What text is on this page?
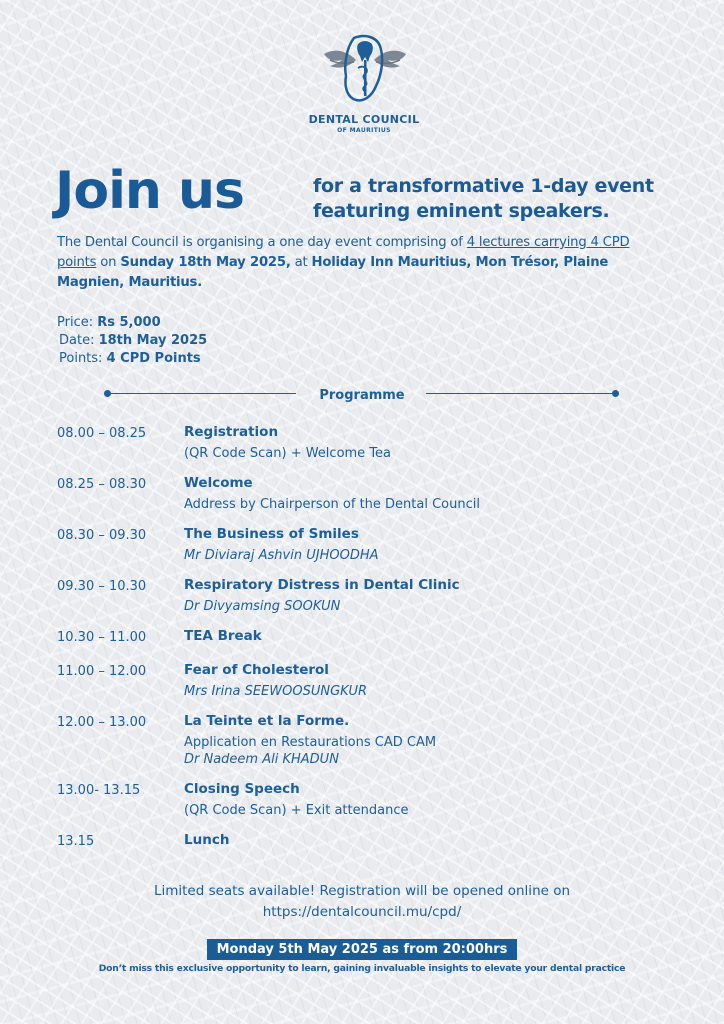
DENTAL COUNCIL
OF MAURITIUS
Join us	for a transformative 1-day event
featuring eminent speakers.
The Dental Council is organising a one day event comprising of 4 lectures carrying 4 CPD points on Sunday 18th May 2025, at Holiday Inn Mauritius, Mon Trésor, Plaine Magnien, Mauritius.
Price: Rs 5,000
Date: 18th May 2025
Points: 4 CPD Points
Programme
08.00 – 08.25	Registration
(QR Code Scan) + Welcome Tea
08.25 – 08.30	Welcome
Address by Chairperson of the Dental Council
08.30 – 09.30	The Business of Smiles
Mr Diviaraj Ashvin UJHOODHA
09.30 – 10.30	Respiratory Distress in Dental Clinic
Dr Divyamsing SOOKUN
10.30 – 11.00	TEA Break
11.00 – 12.00	Fear of Cholesterol
Mrs Irina SEEWOOSUNGKUR
12.00 – 13.00	La Teinte et la Forme.
Application en Restaurations CAD CAM
Dr Nadeem Ali KHADUN
13.00- 13.15	Closing Speech
(QR Code Scan) + Exit attendance
13.15	Lunch
Limited seats available! Registration will be opened online on
https://dentalcouncil.mu/cpd/
Monday 5th May 2025 as from 20:00hrs
Don’t miss this exclusive opportunity to learn, gaining invaluable insights to elevate your dental practice
